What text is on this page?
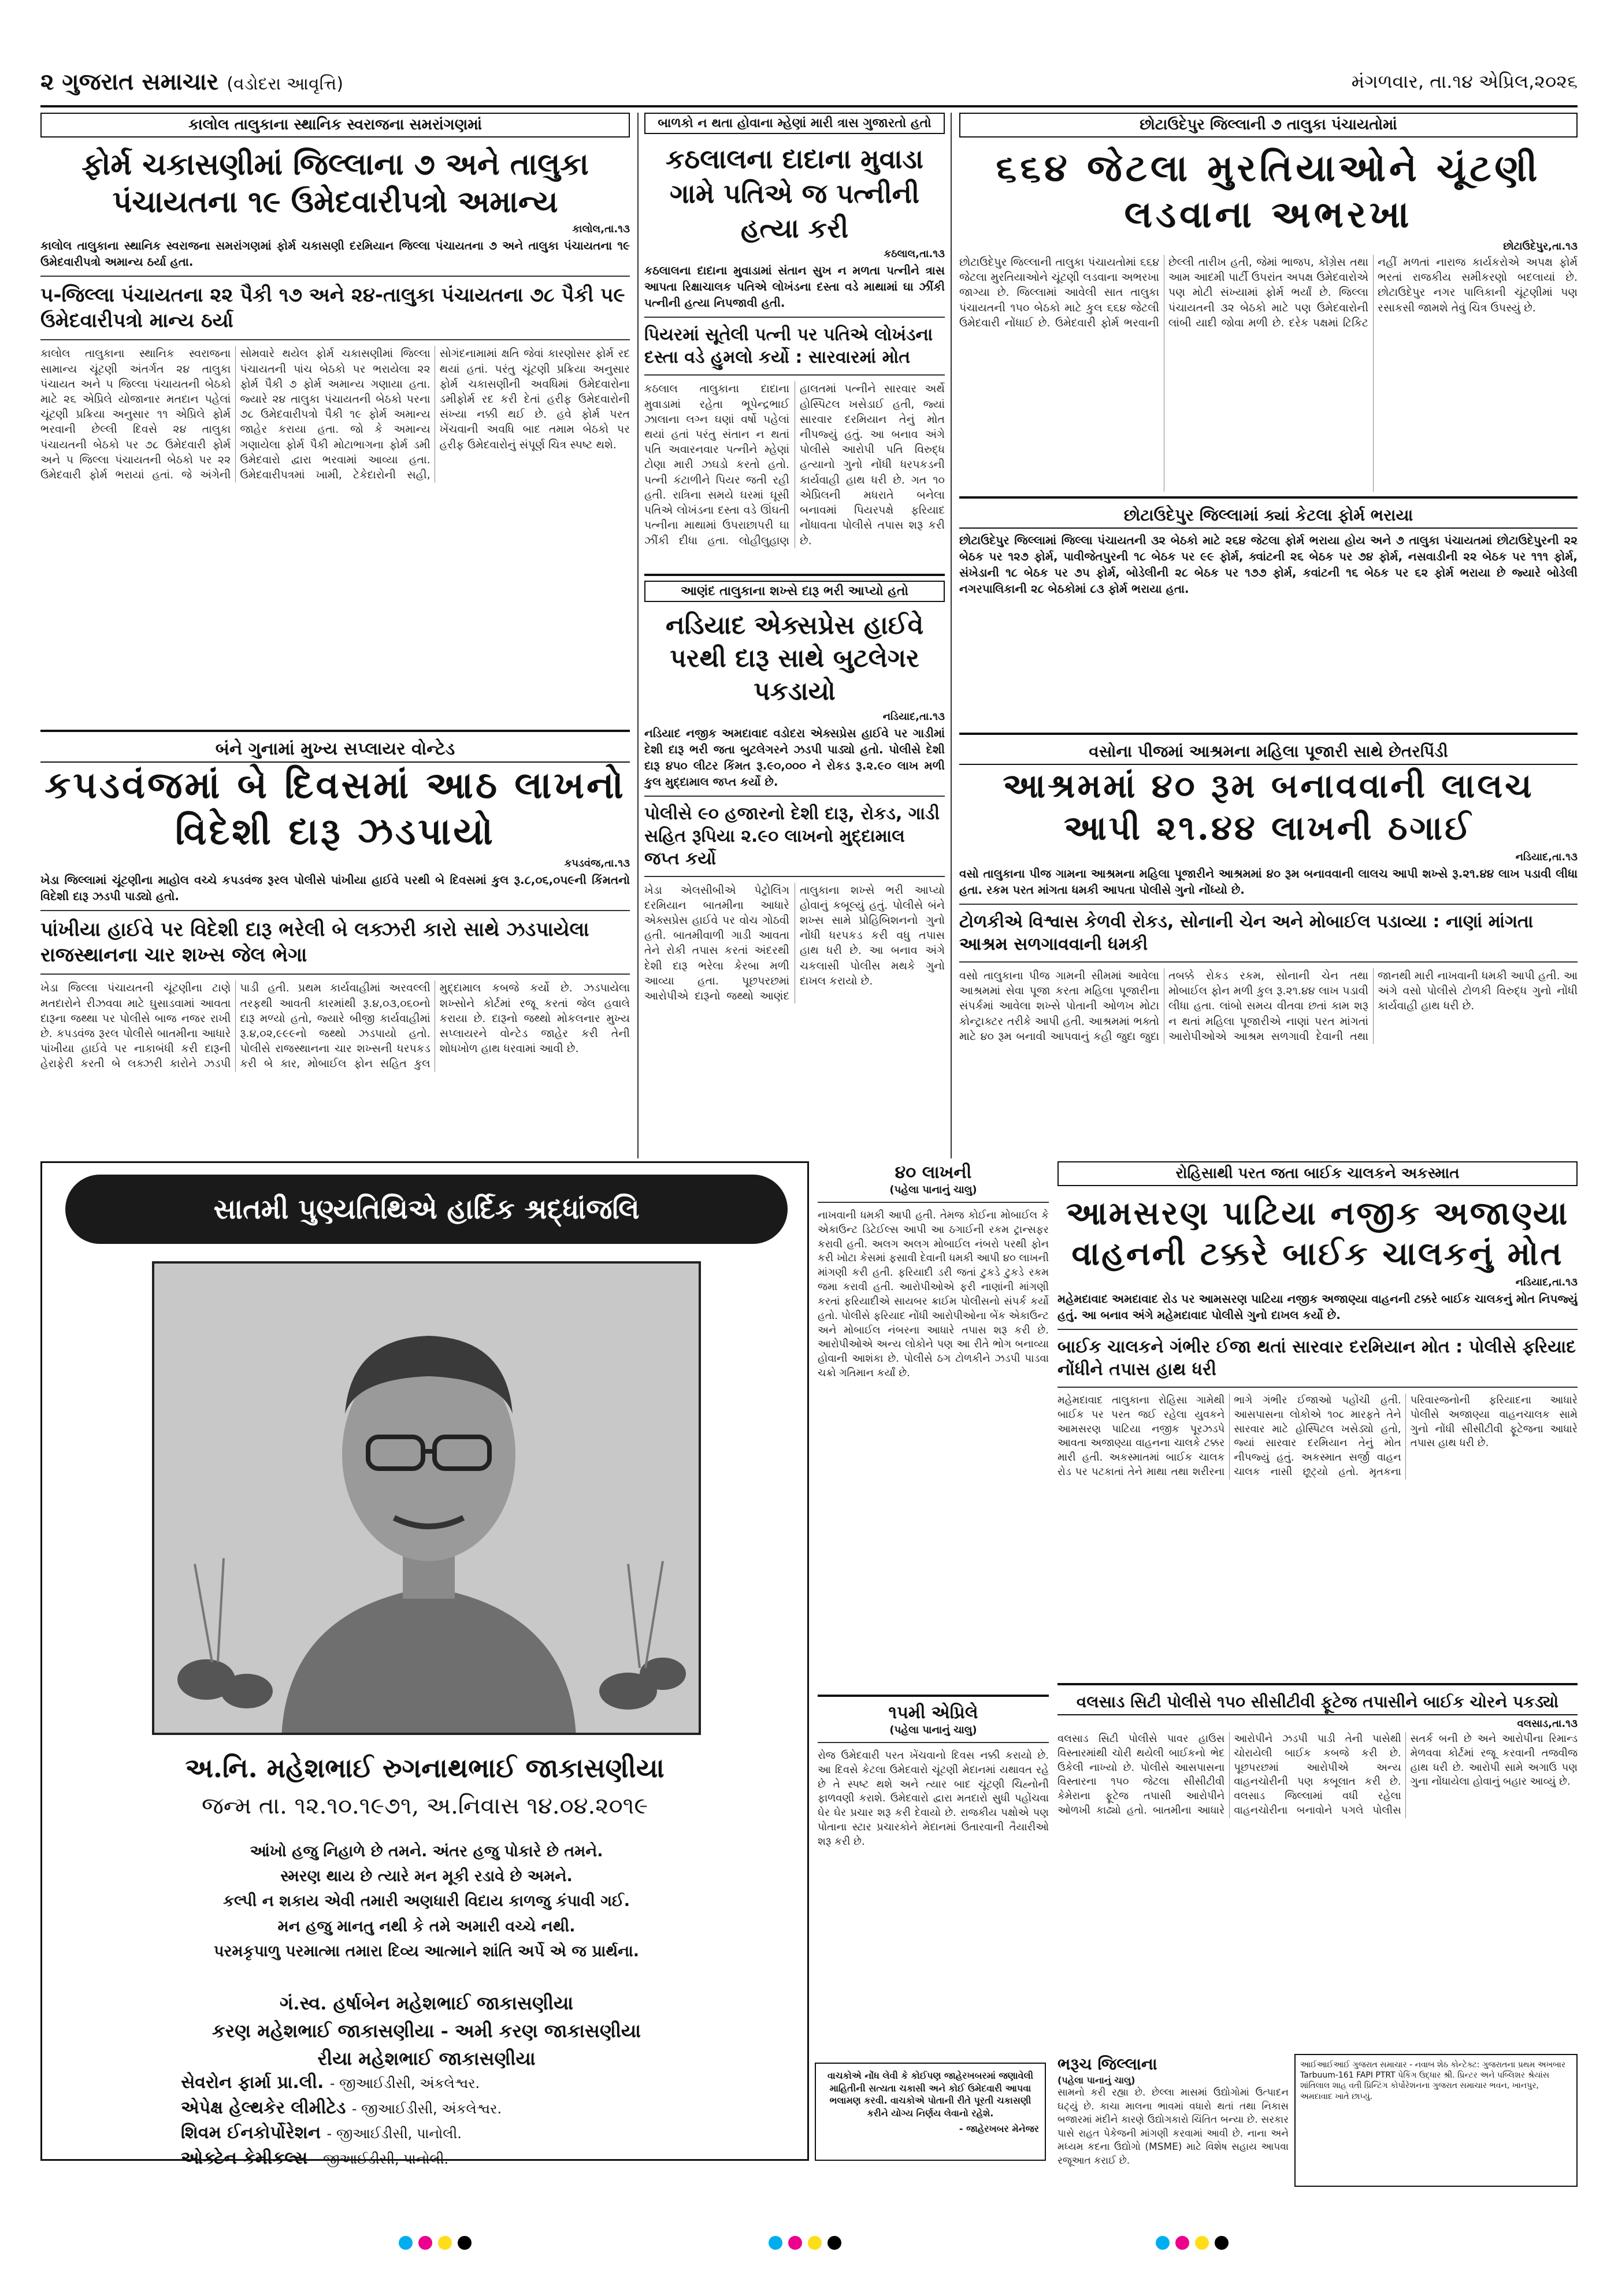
૨ ગુજરાત સમાચાર (વડોદરા આવૃત્તિ)	મંગળવાર, તા.૧૪ એપ્રિલ,૨૦૨૬
કાલોલ તાલુકાના સ્થાનિક સ્વરાજના સમરાંગણમાં
ફોર્મ ચકાસણીમાં જિલ્લાના ૭ અને તાલુકા પંચાયતના ૧૯ ઉમેદવારીપત્રો અમાન્ય
કાલોલ,તા.૧૩
કાલોલ તાલુકાના સ્થાનિક સ્વરાજના સમરાંગણમાં ફોર્મ ચકાસણી દરમિયાન જિલ્લા પંચાયતના ૭ અને તાલુકા પંચાયતના ૧૯ ઉમેદવારીપત્રો અમાન્ય ઠર્યા હતા.
૫-જિલ્લા પંચાયતના ૨૨ પૈકી ૧૭ અને ૨૪-તાલુકા પંચાયતના ૭૮ પૈકી ૫૯ ઉમેદવારીપત્રો માન્ય ઠર્યા
કાલોલ તાલુકાના સ્થાનિક સ્વરાજના સામાન્ય ચૂંટણી અંતર્ગત ૨૪ તાલુકા પંચાયત અને ૫ જિલ્લા પંચાયતની બેઠકો માટે ૨૬ એપ્રિલે યોજાનાર મતદાન પહેલાં ચૂંટણી પ્રક્રિયા અનુસાર ૧૧ એપ્રિલે ફોર્મ ભરવાની છેલ્લી દિવસે ૨૪ તાલુકા પંચાયતની બેઠકો પર ૭૮ ઉમેદવારી ફોર્મ અને ૫ જિલ્લા પંચાયતની બેઠકો પર ૨૨ ઉમેદવારી ફોર્મ ભરાયાં હતાં. જે અંગેની સોમવારે થયેલ ફોર્મ ચકાસણીમાં જિલ્લા પંચાયતની પાંચ બેઠકો પર ભરાયેલા ૨૨ ફોર્મ પૈકી ૭ ફોર્મ અમાન્ય ગણાયા હતા. જ્યારે ૨૪ તાલુકા પંચાયતની બેઠકો પરના ૭૮ ઉમેદવારીપત્રો પૈકી ૧૯ ફોર્મ અમાન્ય જાહેર કરાયા હતા. જો કે અમાન્ય ગણાયેલા ફોર્મ પૈકી મોટાભાગના ફોર્મ ડમી ઉમેદવારો દ્વારા ભરવામાં આવ્યા હતા. ઉમેદવારીપત્રમાં ખામી, ટેકેદારોની સહી, સોગંદનામામાં ક્ષતિ જેવાં કારણોસર ફોર્મ રદ થયાં હતાં. પરંતુ ચૂંટણી પ્રક્રિયા અનુસાર ફોર્મ ચકાસણીની અવધિમાં ઉમેદવારોના ડમીફોર્મ રદ કરી દેતાં હરીફ ઉમેદવારોની સંખ્યા નક્કી થઈ છે. હવે ફોર્મ પરત ખેંચવાની અવધિ બાદ તમામ બેઠકો પર હરીફ ઉમેદવારોનું સંપૂર્ણ ચિત્ર સ્પષ્ટ થશે.
બાળકો ન થતા હોવાના મ્હેણાં મારી ત્રાસ ગુજારતો હતો
કઠલાલના દાદાના મુવાડા ગામે પતિએ જ પત્નીની હત્યા કરી
કઠલાલ,તા.૧૩
કઠલાલના દાદાના મુવાડામાં સંતાન સુખ ન મળતા પત્નીને ત્રાસ આપતા રિક્ષાચાલક પતિએ લોખંડના દસ્તા વડે માથામાં ઘા ઝીંકી પત્નીની હત્યા નિપજાવી હતી.
પિયરમાં સૂતેલી પત્ની પર પતિએ લોખંડના દસ્તા વડે હુમલો કર્યો : સારવારમાં મોત
કઠલાલ તાલુકાના દાદાના મુવાડામાં રહેતા ભૂપેન્દ્રભાઈ ઝાલાના લગ્ન ઘણાં વર્ષો પહેલાં થયાં હતાં પરંતુ સંતાન ન થતાં પતિ અવારનવાર પત્નીને મ્હેણાં ટોણા મારી ઝઘડો કરતો હતો. પત્ની કંટાળીને પિયર જતી રહી હતી. રાત્રિના સમયે ઘરમાં ઘૂસી પતિએ લોખંડના દસ્તા વડે ઊંઘતી પત્નીના માથામાં ઉપરાછાપરી ઘા ઝીંકી દીધા હતા. લોહીલુહાણ હાલતમાં પત્નીને સારવાર અર્થે હોસ્પિટલ ખસેડાઈ હતી, જ્યાં સારવાર દરમિયાન તેનું મોત નીપજ્યું હતું. આ બનાવ અંગે પોલીસે આરોપી પતિ વિરુદ્ધ હત્યાનો ગુનો નોંધી ધરપકડની કાર્યવાહી હાથ ધરી છે. ગત ૧૦ એપ્રિલની મધરાતે બનેલા બનાવમાં પિયરપક્ષે ફરિયાદ નોંધાવતા પોલીસે તપાસ શરૂ કરી છે.
છોટાઉદેપુર જિલ્લાની ૭ તાલુકા પંચાયતોમાં
૬૬૪ જેટલા મુરતિયાઓને ચૂંટણી લડવાના અભરખા
છોટાઉદેપુર,તા.૧૩
છોટાઉદેપુર જિલ્લાની તાલુકા પંચાયતોમાં ૬૬૪ જેટલા મુરતિયાઓને ચૂંટણી લડવાના અભરખા જાગ્યા છે. જિલ્લામાં આવેલી સાત તાલુકા પંચાયતની ૧૫૦ બેઠકો માટે કુલ ૬૬૪ જેટલી ઉમેદવારી નોંધાઈ છે. ઉમેદવારી ફોર્મ ભરવાની છેલ્લી તારીખ હતી, જેમાં ભાજપ, કોંગ્રેસ તથા આમ આદમી પાર્ટી ઉપરાંત અપક્ષ ઉમેદવારોએ પણ મોટી સંખ્યામાં ફોર્મ ભર્યાં છે. જિલ્લા પંચાયતની ૩૨ બેઠકો માટે પણ ઉમેદવારોની લાંબી યાદી જોવા મળી છે. દરેક પક્ષમાં ટિકિટ નહીં મળતાં નારાજ કાર્યકરોએ અપક્ષ ફોર્મ ભરતાં રાજકીય સમીકરણો બદલાયાં છે. છોટાઉદેપુર નગર પાલિકાની ચૂંટણીમાં પણ રસાકસી જામશે તેવું ચિત્ર ઉપસ્યું છે.
છોટાઉદેપુર જિલ્લામાં ક્યાં કેટલા ફોર્મ ભરાયા
છોટાઉદેપુર જિલ્લામાં જિલ્લા પંચાયતની ૩૨ બેઠકો માટે ૨૬૪ જેટલા ફોર્મ ભરાયા હોય અને ૭ તાલુકા પંચાયતમાં છોટાઉદેપુરની ૨૨ બેઠક પર ૧૨૭ ફોર્મ, પાવીજેતપુરની ૧૮ બેઠક પર ૯૯ ફોર્મ, ક્વાંટની ૨૬ બેઠક પર ૭૪ ફોર્મ, નસવાડીની ૨૨ બેઠક પર ૧૧૧ ફોર્મ, સંખેડાની ૧૮ બેઠક પર ૭૫ ફોર્મ, બોડેલીની ૨૮ બેઠક પર ૧૭૭ ફોર્મ, કવાંટની ૧૬ બેઠક પર ૬૨ ફોર્મ ભરાયા છે જ્યારે બોડેલી નગરપાલિકાની ૨૮ બેઠકોમાં ૮૩ ફોર્મ ભરાયા હતા.
બંને ગુનામાં મુખ્ય સપ્લાયર વોન્ટેડ
કપડવંજમાં બે દિવસમાં આઠ લાખનો વિદેશી દારૂ ઝડપાયો
કપડવંજ,તા.૧૩
ખેડા જિલ્લામાં ચૂંટણીના માહોલ વચ્ચે કપડવંજ રૂરલ પોલીસે પાંખીયા હાઈવે પરથી બે દિવસમાં કુલ રૂ.૮,૦૬,૦૫૯ની કિંમતનો વિદેશી દારૂ ઝડપી પાડ્યો હતો.
પાંખીયા હાઈવે પર વિદેશી દારૂ ભરેલી બે લક્ઝરી કારો સાથે ઝડપાયેલા રાજસ્થાનના ચાર શખ્સ જેલ ભેગા
ખેડા જિલ્લા પંચાયતની ચૂંટણીના ટાણે મતદારોને રીઝવવા માટે ઘુસાડવામાં આવતા દારૂના જથ્થા પર પોલીસે બાજ નજર રાખી છે. કપડવંજ રૂરલ પોલીસે બાતમીના આધારે પાંખીયા હાઈવે પર નાકાબંધી કરી દારૂની હેરાફેરી કરતી બે લક્ઝરી કારોને ઝડપી પાડી હતી. પ્રથમ કાર્યવાહીમાં અરવલ્લી તરફથી આવતી કારમાંથી રૂ.૪,૦૩,૦૬૦નો દારૂ મળ્યો હતો, જ્યારે બીજી કાર્યવાહીમાં રૂ.૪,૦૨,૯૯૯નો જથ્થો ઝડપાયો હતો. પોલીસે રાજસ્થાનના ચાર શખ્સની ધરપકડ કરી બે કાર, મોબાઈલ ફોન સહિત કુલ મુદ્દામાલ કબજે કર્યો છે. ઝડપાયેલા શખ્સોને કોર્ટમાં રજૂ કરતાં જેલ હવાલે કરાયા છે. દારૂનો જથ્થો મોકલનાર મુખ્ય સપ્લાયરને વોન્ટેડ જાહેર કરી તેની શોધખોળ હાથ ધરવામાં આવી છે.
આણંદ તાલુકાના શખ્સે દારૂ ભરી આપ્યો હતો
નડિયાદ એક્સપ્રેસ હાઈવે પરથી દારૂ સાથે બુટલેગર પકડાયો
નડિયાદ,તા.૧૩
નડિયાદ નજીક અમદાવાદ વડોદરા એક્સપ્રેસ હાઈવે પર ગાડીમાં દેશી દારૂ ભરી જતા બુટલેગરને ઝડપી પાડ્યો હતો. પોલીસે દેશી દારૂ ૪૫૦ લીટર કિંમત રૂ.૯૦,૦૦૦ ને રોકડ રૂ.૨.૯૦ લાખ મળી કુલ મુદ્દામાલ જપ્ત કર્યો છે.
પોલીસે ૯૦ હજારનો દેશી દારૂ, રોકડ, ગાડી સહિત રૂપિયા ૨.૯૦ લાખનો મુદ્દામાલ જપ્ત કર્યો
ખેડા એલસીબીએ પેટ્રોલિંગ દરમિયાન બાતમીના આધારે એક્સપ્રેસ હાઈવે પર વોચ ગોઠવી હતી. બાતમીવાળી ગાડી આવતા તેને રોકી તપાસ કરતાં અંદરથી દેશી દારૂ ભરેલા કેરબા મળી આવ્યા હતા. પૂછપરછમાં આરોપીએ દારૂનો જથ્થો આણંદ તાલુકાના શખ્સે ભરી આપ્યો હોવાનું કબૂલ્યું હતું. પોલીસે બંને શખ્સ સામે પ્રોહિબિશનનો ગુનો નોંધી ધરપકડ કરી વધુ તપાસ હાથ ધરી છે. આ બનાવ અંગે ચકલાસી પોલીસ મથકે ગુનો દાખલ કરાયો છે.
વસોના પીજમાં આશ્રમના મહિલા પૂજારી સાથે છેતરપિંડી
આશ્રમમાં ૪૦ રૂમ બનાવવાની લાલચ આપી ૨૧.૪૪ લાખની ઠગાઈ
નડિયાદ,તા.૧૩
વસો તાલુકાના પીજ ગામના આશ્રમના મહિલા પૂજારીને આશ્રમમાં ૪૦ રૂમ બનાવવાની લાલચ આપી શખ્સે રૂ.૨૧.૪૪ લાખ પડાવી લીધા હતા. રકમ પરત માંગતા ધમકી આપતા પોલીસે ગુનો નોંધ્યો છે.
ટોળકીએ વિશ્વાસ કેળવી રોકડ, સોનાની ચેન અને મોબાઈલ પડાવ્યા : નાણાં માંગતા આશ્રમ સળગાવવાની ધમકી
વસો તાલુકાના પીજ ગામની સીમમાં આવેલા આશ્રમમાં સેવા પૂજા કરતા મહિલા પૂજારીના સંપર્કમાં આવેલા શખ્સે પોતાની ઓળખ મોટા કોન્ટ્રાક્ટર તરીકે આપી હતી. આશ્રમમાં ભક્તો માટે ૪૦ રૂમ બનાવી આપવાનું કહી જુદા જુદા તબક્કે રોકડ રકમ, સોનાની ચેન તથા મોબાઈલ ફોન મળી કુલ રૂ.૨૧.૪૪ લાખ પડાવી લીધા હતા. લાંબો સમય વીતવા છતાં કામ શરૂ ન થતાં મહિલા પૂજારીએ નાણાં પરત માંગતાં આરોપીઓએ આશ્રમ સળગાવી દેવાની તથા જાનથી મારી નાખવાની ધમકી આપી હતી. આ અંગે વસો પોલીસે ટોળકી વિરુદ્ધ ગુનો નોંધી કાર્યવાહી હાથ ધરી છે.
સાતમી પુણ્યતિથિએ હાર્દિક શ્રદ્ધાંજલિ
અ.નિ. મહેશભાઈ રુગનાથભાઈ જાકાસણીયા
જન્મ તા. ૧૨.૧૦.૧૯૭૧, અ.નિવાસ ૧૪.૦૪.૨૦૧૯
આંખો હજુ નિહાળે છે તમને. અંતર હજુ પોકારે છે તમને.
સ્મરણ થાય છે ત્યારે મન મૂકી રડાવે છે અમને.
કલ્પી ન શકાય એવી તમારી અણધારી વિદાય કાળજુ કંપાવી ગઈ.
મન હજુ માનતુ નથી કે તમે અમારી વચ્ચે નથી.
પરમકૃપાળુ પરમાત્મા તમારા દિવ્ય આત્માને શાંતિ અર્પે એ જ પ્રાર્થના.
ગં.સ્વ. હર્ષાબેન મહેશભાઈ જાકાસણીયા
કરણ મહેશભાઈ જાકાસણીયા - અમી કરણ જાકાસણીયા
રીયા મહેશભાઈ જાકાસણીયા
સેવરોન ફાર્મા પ્રા.લી. - જીઆઈડીસી, અંકલેશ્વર.
એપેક્ષ હેલ્થકેર લીમીટેડ - જીઆઈડીસી, અંકલેશ્વર.
શિવમ ઈનકોર્પોરેશન - જીઆઈડીસી, પાનોલી.
ઓક્ટેન કેમીકલ્સ - જીઆઈડીસી, પાનોલી.
૪૦ લાખની
(પહેલા પાનાનું ચાલુ)
નાખવાની ધમકી આપી હતી. તેમજ કોઈના મોબાઈલ કે એકાઉન્ટ ડિટેઈલ્સ આપી આ ઠગાઈની રકમ ટ્રાન્સફર કરાવી હતી. અલગ અલગ મોબાઈલ નંબરો પરથી ફોન કરી ખોટા કેસમાં ફસાવી દેવાની ધમકી આપી ૪૦ લાખની માંગણી કરી હતી. ફરિયાદી ડરી જતાં ટુકડે ટુકડે રકમ જમા કરાવી હતી. આરોપીઓએ ફરી નાણાંની માંગણી કરતાં ફરિયાદીએ સાયબર ક્રાઈમ પોલીસનો સંપર્ક કર્યો હતો. પોલીસે ફરિયાદ નોંધી આરોપીઓના બેંક એકાઉન્ટ અને મોબાઈલ નંબરના આધારે તપાસ શરૂ કરી છે. આરોપીઓએ અન્ય લોકોને પણ આ રીતે ભોગ બનાવ્યા હોવાની આશંકા છે. પોલીસે ઠગ ટોળકીને ઝડપી પાડવા ચક્રો ગતિમાન કર્યાં છે.
રોહિસાથી પરત જતા બાઈક ચાલકને અકસ્માત
આમસરણ પાટિયા નજીક અજાણ્યા વાહનની ટક્કરે બાઈક ચાલકનું મોત
નડિયાદ,તા.૧૩
મહેમદાવાદ અમદાવાદ રોડ પર આમસરણ પાટિયા નજીક અજાણ્યા વાહનની ટક્કરે બાઈક ચાલકનું મોત નિપજ્યું હતું. આ બનાવ અંગે મહેમદાવાદ પોલીસે ગુનો દાખલ કર્યો છે.
બાઈક ચાલકને ગંભીર ઈજા થતાં સારવાર દરમિયાન મોત : પોલીસે ફરિયાદ નોંધીને તપાસ હાથ ધરી
મહેમદાવાદ તાલુકાના રોહિસા ગામેથી બાઈક પર પરત જઈ રહેલા યુવકને આમસરણ પાટિયા નજીક પૂરઝડપે આવતા અજાણ્યા વાહનના ચાલકે ટક્કર મારી હતી. અકસ્માતમાં બાઈક ચાલક રોડ પર પટકાતાં તેને માથા તથા શરીરના ભાગે ગંભીર ઈજાઓ પહોંચી હતી. આસપાસના લોકોએ ૧૦૮ મારફતે તેને સારવાર માટે હોસ્પિટલ ખસેડ્યો હતો, જ્યાં સારવાર દરમિયાન તેનું મોત નીપજ્યું હતું. અકસ્માત સર્જી વાહન ચાલક નાસી છૂટ્યો હતો. મૃતકના પરિવારજનોની ફરિયાદના આધારે પોલીસે અજાણ્યા વાહનચાલક સામે ગુનો નોંધી સીસીટીવી ફૂટેજના આધારે તપાસ હાથ ધરી છે.
વલસાડ સિટી પોલીસે ૧૫૦ સીસીટીવી ફૂટેજ તપાસીને બાઈક ચોરને પકડ્યો
વલસાડ,તા.૧૩
વલસાડ સિટી પોલીસે પાવર હાઉસ વિસ્તારમાંથી ચોરી થયેલી બાઈકનો ભેદ ઉકેલી નાખ્યો છે. પોલીસે આસપાસના વિસ્તારના ૧૫૦ જેટલા સીસીટીવી કેમેરાના ફૂટેજ તપાસી આરોપીને ઓળખી કાઢ્યો હતો. બાતમીના આધારે આરોપીને ઝડપી પાડી તેની પાસેથી ચોરાયેલી બાઈક કબજે કરી છે. પૂછપરછમાં આરોપીએ અન્ય વાહનચોરીની પણ કબૂલાત કરી છે. વલસાડ જિલ્લામાં વધી રહેલા વાહનચોરીના બનાવોને પગલે પોલીસ સતર્ક બની છે અને આરોપીના રિમાન્ડ મેળવવા કોર્ટમાં રજૂ કરવાની તજવીજ હાથ ધરી છે. આરોપી સામે અગાઉ પણ ગુના નોંધાયેલા હોવાનું બહાર આવ્યું છે.
૧૫મી એપ્રિલે
(પહેલા પાનાનું ચાલુ)
રોજ ઉમેદવારી પરત ખેંચવાનો દિવસ નક્કી કરાયો છે. આ દિવસે કેટલા ઉમેદવારો ચૂંટણી મેદાનમાં યથાવત રહે છે તે સ્પષ્ટ થશે અને ત્યાર બાદ ચૂંટણી ચિહ્નોની ફાળવણી કરાશે. ઉમેદવારો દ્વારા મતદારો સુધી પહોંચવા ઘેર ઘેર પ્રચાર શરૂ કરી દેવાયો છે. રાજકીય પક્ષોએ પણ પોતાના સ્ટાર પ્રચારકોને મેદાનમાં ઉતારવાની તૈયારીઓ શરૂ કરી છે.
ભરૂચ જિલ્લાના
(પહેલા પાનાનું ચાલુ)
સામનો કરી રહ્યા છે. છેલ્લા માસમાં ઉદ્યોગોમાં ઉત્પાદન ઘટ્યું છે. કાચા માલના ભાવમાં વધારો થતાં તથા નિકાસ બજારમાં મંદીને કારણે ઉદ્યોગકારો ચિંતિત બન્યા છે. સરકાર પાસે રાહત પેકેજની માંગણી કરવામાં આવી છે. નાના અને મધ્યમ કદના ઉદ્યોગો (MSME) માટે વિશેષ સહાય આપવા રજૂઆત કરાઈ છે.
વાચકોએ નોંધ લેવી કે કોઈપણ જાહેરખબરમાં જણાવેલી માહિતીની સત્યતા ચકાસી અને કોઈ ઉમેદવારી આપવા ભલામણ કરવી. વાચકોએ પોતાની રીતે પૂરતી ચકાસણી કરીને યોગ્ય નિર્ણય લેવાનો રહેશે.
- જાહેરખબર મેનેજર
આઈઆઈઆઈ ગુજરાત સમાચાર - નવાબ શેઠ કોન્ટેક્ટ: ગુજરાતના પ્રથમ અખબાર Tarbuum-161 FAPI PTRT પેકિંગ ઉદ્ધાર શ્રી. પ્રિન્ટર અને પબ્લિશર શ્રેયાંસ શાંતિલાલ શાહ વતી પ્રિન્ટિંગ કોર્પોરેશનના ગુજરાત સમાચાર ભવન, ખાનપુર, અમદાવાદ ખાતે છાપ્યું.
